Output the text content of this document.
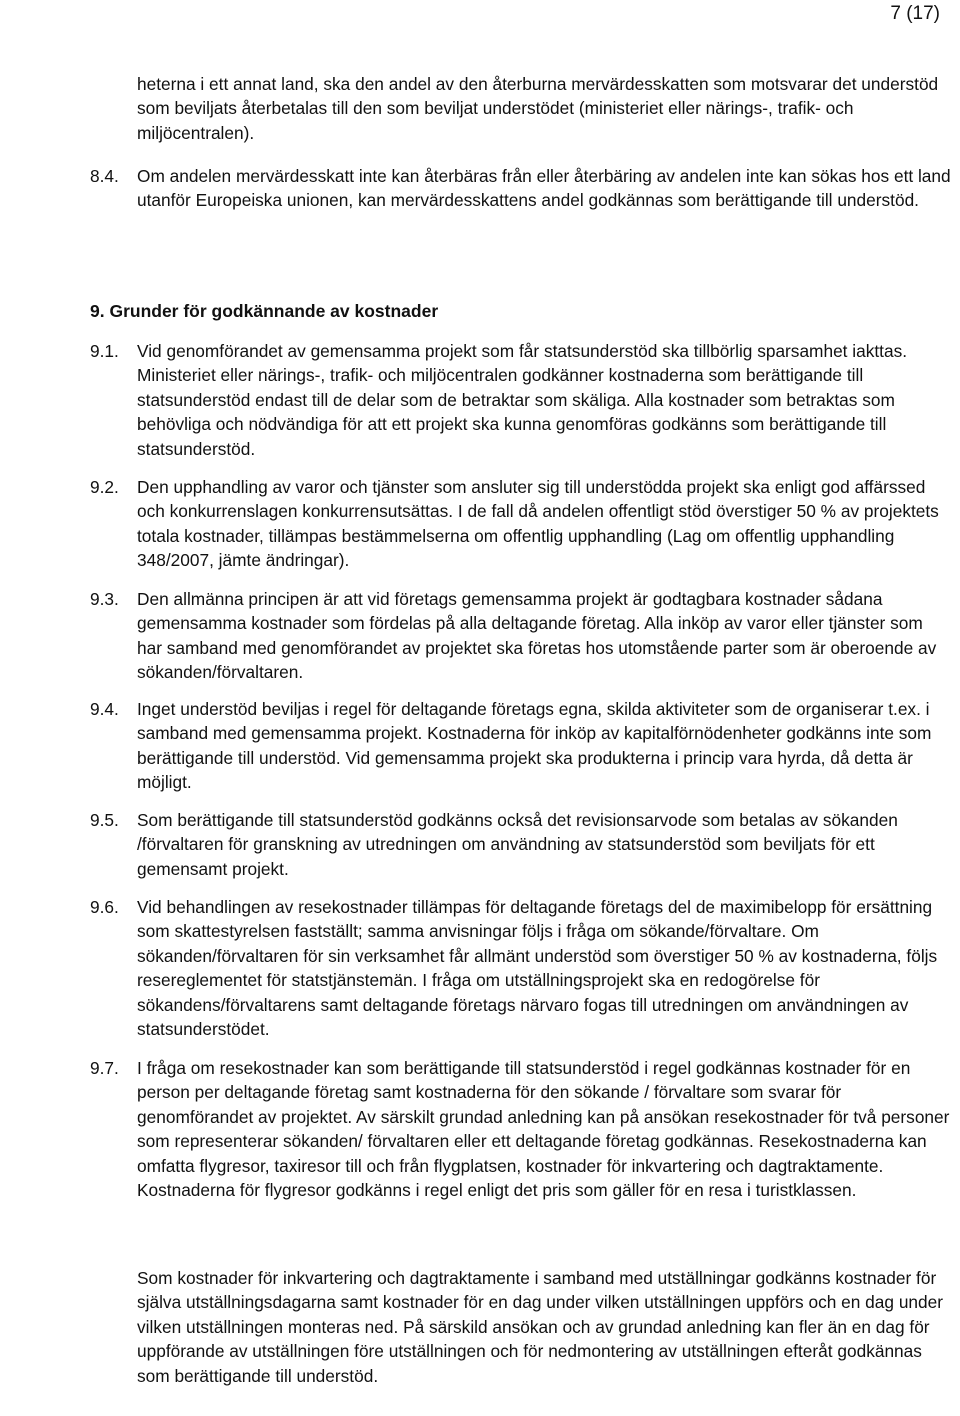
7 (17)

heterna i ett annat land, ska den andel av den återburna mervärdesskatten som motsvarar det understöd som beviljats återbetalas till den som beviljat understödet (ministeriet eller närings-, trafik- och miljöcentralen).

8.4. Om andelen mervärdesskatt inte kan återbäras från eller återbäring av andelen inte kan sökas hos ett land utanför Europeiska unionen, kan mervärdesskattens andel godkännas som berättigande till understöd.
9. Grunder för godkännande av kostnader
9.1. Vid genomförandet av gemensamma projekt som får statsunderstöd ska tillbörlig sparsamhet iakttas. Ministeriet eller närings-, trafik- och miljöcentralen godkänner kostnaderna som berättigande till statsunderstöd endast till de delar som de betraktar som skäliga. Alla kostnader som betraktas som behövliga och nödvändiga för att ett projekt ska kunna genomföras godkänns som berättigande till statsunderstöd.
9.2. Den upphandling av varor och tjänster som ansluter sig till understödda projekt ska enligt god affärssed och konkurrenslagen konkurrensutsättas. I de fall då andelen offentligt stöd överstiger 50 % av projektets totala kostnader, tillämpas bestämmelserna om offentlig upphandling (Lag om offentlig upphandling 348/2007, jämte ändringar).
9.3. Den allmänna principen är att vid företags gemensamma projekt är godtagbara kostnader sådana gemensamma kostnader som fördelas på alla deltagande företag. Alla inköp av varor eller tjänster som har samband med genomförandet av projektet ska företas hos utomstående parter som är oberoende av sökanden/förvaltaren.
9.4. Inget understöd beviljas i regel för deltagande företags egna, skilda aktiviteter som de organiserar t.ex. i samband med gemensamma projekt. Kostnaderna för inköp av kapitalförnödenheter godkänns inte som berättigande till understöd. Vid gemensamma projekt ska produkterna i princip vara hyrda, då detta är möjligt.
9.5. Som berättigande till statsunderstöd godkänns också det revisionsarvode som betalas av sökanden /förvaltaren för granskning av utredningen om användning av statsunderstöd som beviljats för ett gemensamt projekt.
9.6. Vid behandlingen av resekostnader tillämpas för deltagande företags del de maximibelopp för ersättning som skattestyrelsen fastställt; samma anvisningar följs i fråga om sökande/förvaltare. Om sökanden/förvaltaren för sin verksamhet får allmänt understöd som överstiger 50 % av kostnaderna, följs resereglementet för statstjänstemän. I fråga om utställningsprojekt ska en redogörelse för sökandens/förvaltarens samt deltagande företags närvaro fogas till utredningen om användningen av statsunderstödet.
9.7. I fråga om resekostnader kan som berättigande till statsunderstöd i regel godkännas kostnader för en person per deltagande företag samt kostnaderna för den sökande / förvaltare som svarar för genomförandet av projektet. Av särskilt grundad anledning kan på ansökan resekostnader för två personer som representerar sökanden/ förvaltaren eller ett deltagande företag godkännas. Resekostnaderna kan omfatta flygresor, taxiresor till och från flygplatsen, kostnader för inkvartering och dagtraktamente. Kostnaderna för flygresor godkänns i regel enligt det pris som gäller för en resa i turistklassen.

Som kostnader för inkvartering och dagtraktamente i samband med utställningar godkänns kostnader för själva utställningsdagarna samt kostnader för en dag under vilken utställningen uppförs och en dag under vilken utställningen monteras ned. På särskild ansökan och av grundad anledning kan fler än en dag för uppförande av utställningen före utställningen och för nedmontering av utställningen efteråt godkännas som berättigande till understöd.
